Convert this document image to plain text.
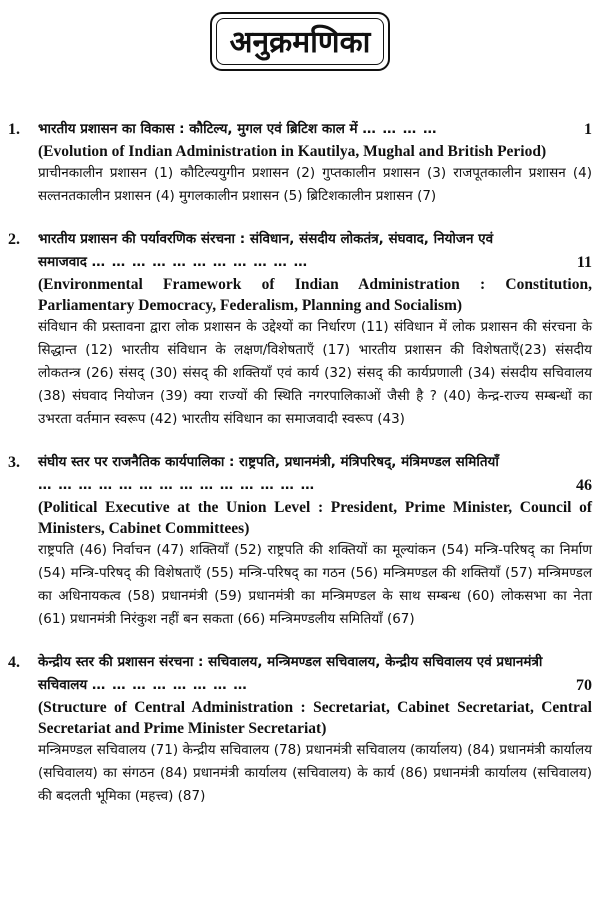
अनुक्रमणिका
1. भारतीय प्रशासन का विकास : कौटिल्य, मुगल एवं ब्रिटिश काल में … … … …	1
(Evolution of Indian Administration in Kautilya, Mughal and British Period)
प्राचीनकालीन प्रशासन (1) कौटिल्ययुगीन प्रशासन (2) गुप्तकालीन प्रशासन (3) राजपूतकालीन प्रशासन (4) सल्तनतकालीन प्रशासन (4) मुगलकालीन प्रशासन (5) ब्रिटिशकालीन प्रशासन (7)
2. भारतीय प्रशासन की पर्यावरणिक संरचना : संविधान, संसदीय लोकतंत्र, संघवाद, नियोजन एवं समाजवाद … … … … … … … … … … …	11
(Environmental Framework of Indian Administration : Constitution, Parliamentary Democracy, Federalism, Planning and Socialism)
संविधान की प्रस्तावना द्वारा लोक प्रशासन के उद्देश्यों का निर्धारण (11) संविधान में लोक प्रशासन की संरचना के सिद्धान्त (12) भारतीय संविधान के लक्षण/विशेषताएँ (17) भारतीय प्रशासन की विशेषताएँ(23) संसदीय लोकतन्त्र (26) संसद् (30) संसद् की शक्तियाँ एवं कार्य (32) संसद् की कार्यप्रणाली (34) संसदीय सचिवालय (38) संघवाद नियोजन (39) क्या राज्यों की स्थिति नगरपालिकाओं जैसी है ? (40) केन्द्र-राज्य सम्बन्धों का उभरता वर्तमान स्वरूप (42) भारतीय संविधान का समाजवादी स्वरूप (43)
3. संघीय स्तर पर राजनैतिक कार्यपालिका : राष्ट्रपति, प्रधानमंत्री, मंत्रिपरिषद्, मंत्रिमण्डल समितियाँ … … … … … … … … … … … … … …	46
(Political Executive at the Union Level : President, Prime Minister, Council of Ministers, Cabinet Committees)
राष्ट्रपति (46) निर्वाचन (47) शक्तियाँ (52) राष्ट्रपति की शक्तियों का मूल्यांकन (54) मन्त्रि-परिषद् का निर्माण (54) मन्त्रि-परिषद् की विशेषताएँ (55) मन्त्रि-परिषद् का गठन (56) मन्त्रिमण्डल की शक्तियाँ (57) मन्त्रिमण्डल का अधिनायकत्व (58) प्रधानमंत्री (59) प्रधानमंत्री का मन्त्रिमण्डल के साथ सम्बन्ध (60) लोकसभा का नेता (61) प्रधानमंत्री निरंकुश नहीं बन सकता (66) मन्त्रिमण्डलीय समितियाँ (67)
4. केन्द्रीय स्तर की प्रशासन संरचना : सचिवालय, मन्त्रिमण्डल सचिवालय, केन्द्रीय सचिवालय एवं प्रधानमंत्री सचिवालय … … … … … … … …	70
(Structure of Central Administration : Secretariat, Cabinet Secretariat, Central Secretariat and Prime Minister Secretariat)
मन्त्रिमण्डल सचिवालय (71) केन्द्रीय सचिवालय (78) प्रधानमंत्री सचिवालय (कार्यालय) (84) प्रधानमंत्री कार्यालय (सचिवालय) का संगठन (84) प्रधानमंत्री कार्यालय (सचिवालय) के कार्य (86) प्रधानमंत्री कार्यालय (सचिवालय) की बदलती भूमिका (महत्त्व) (87)
